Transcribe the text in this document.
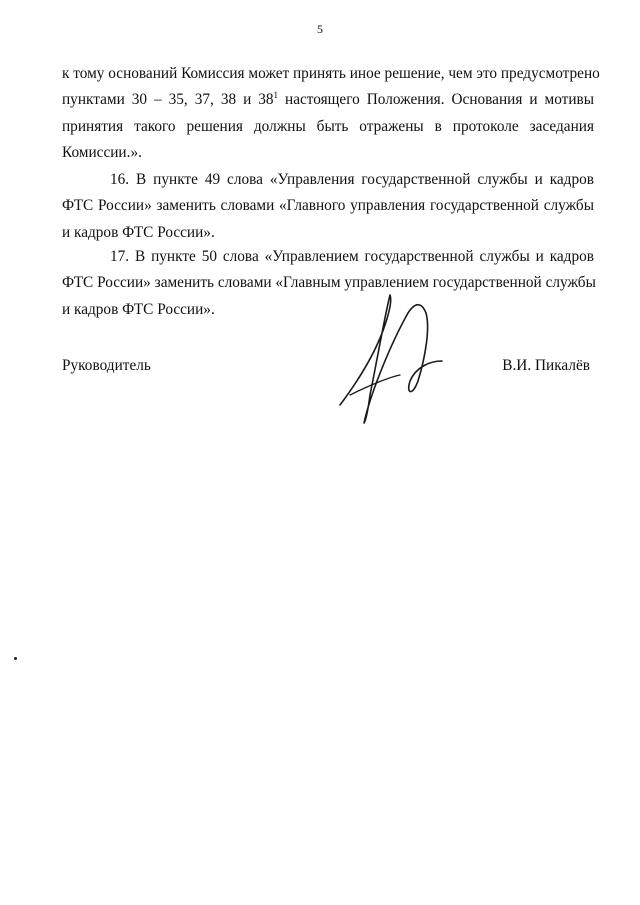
5
к тому оснований Комиссия может принять иное решение, чем это предусмотрено
пунктами 30 – 35, 37, 38 и $38^1$ настоящего Положения. Основания и мотивы
принятия такого решения должны быть отражены в протоколе заседания
Комиссии.».
16. В пункте 49 слова «Управления государственной службы и кадров
ФТС России» заменить словами «Главного управления государственной службы
и кадров ФТС России».
17. В пункте 50 слова «Управлением государственной службы и кадров
ФТС России» заменить словами «Главным управлением государственной службы
и кадров ФТС России».
Руководитель	В.И. Пикалёв
